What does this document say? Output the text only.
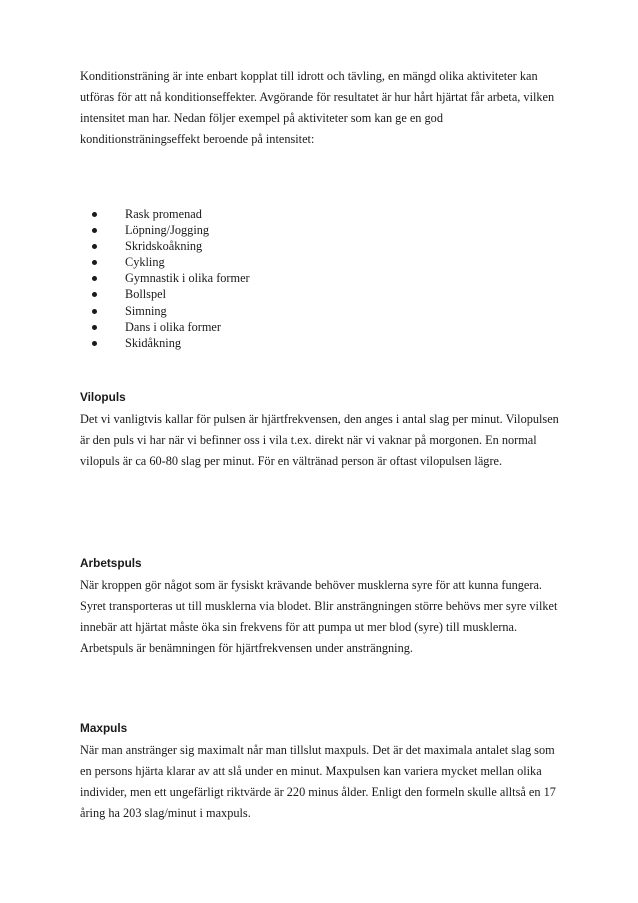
Konditionsträning är inte enbart kopplat till idrott och tävling, en mängd olika aktiviteter kan utföras för att nå konditionseffekter. Avgörande för resultatet är hur hårt hjärtat får arbeta, vilken intensitet man har. Nedan följer exempel på aktiviteter som kan ge en god konditionsträningseffekt beroende på intensitet:

Rask promenad
Löpning/Jogging
Skridskoåkning
Cykling
Gymnastik i olika former
Bollspel
Simning
Dans i olika former
Skidåkning
Vilopuls

Det vi vanligtvis kallar för pulsen är hjärtfrekvensen, den anges i antal slag per minut. Vilopulsen är den puls vi har när vi befinner oss i vila t.ex. direkt när vi vaknar på morgonen. En normal vilopuls är ca 60-80 slag per minut. För en vältränad person är oftast vilopulsen lägre.

Arbetspuls

När kroppen gör något som är fysiskt krävande behöver musklerna syre för att kunna fungera. Syret transporteras ut till musklerna via blodet. Blir ansträngningen större behövs mer syre vilket innebär att hjärtat måste öka sin frekvens för att pumpa ut mer blod (syre) till musklerna. Arbetspuls är benämningen för hjärtfrekvensen under ansträngning.

Maxpuls

När man anstränger sig maximalt når man tillslut maxpuls. Det är det maximala antalet slag som en persons hjärta klarar av att slå under en minut. Maxpulsen kan variera mycket mellan olika individer, men ett ungefärligt riktvärde är 220 minus ålder. Enligt den formeln skulle alltså en 17 åring ha 203 slag/minut i maxpuls.
